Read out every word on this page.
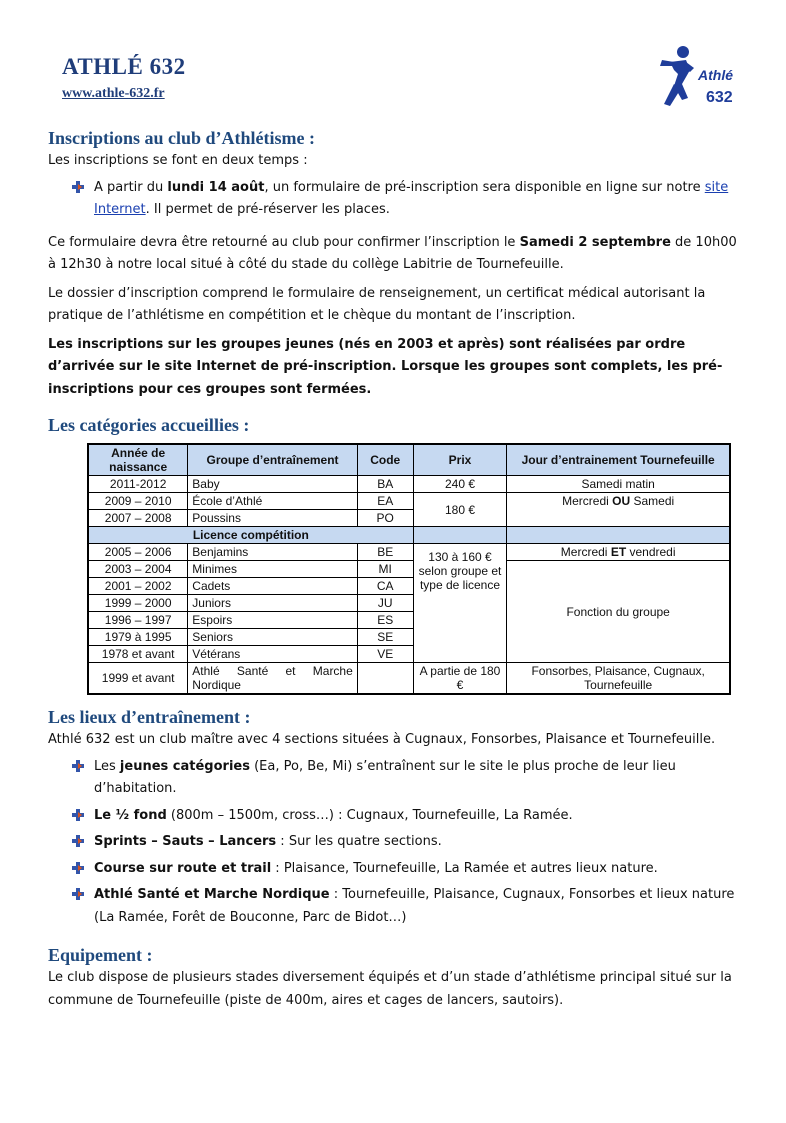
ATHLÉ 632
www.athle-632.fr
Athlé
632
Inscriptions au club d’Athlétisme :

Les inscriptions se font en deux temps :

A partir du lundi 14 août, un formulaire de pré-inscription sera disponible en ligne sur notre site Internet. Il permet de pré-réserver les places.

Ce formulaire devra être retourné au club pour confirmer l’inscription le Samedi 2 septembre de 10h00 à 12h30 à notre local situé à côté du stade du collège Labitrie de Tournefeuille.

Le dossier d’inscription comprend le formulaire de renseignement, un certificat médical autorisant la pratique de l’athlétisme en compétition et le chèque du montant de l’inscription.

Les inscriptions sur les groupes jeunes (nés en 2003 et après) sont réalisées par ordre d’arrivée sur le site Internet de pré-inscription. Lorsque les groupes sont complets, les pré-inscriptions pour ces groupes sont fermées.

Les catégories accueillies :
Année de naissance	Groupe d’entraînement	Code	Prix	Jour d’entrainement Tournefeuille
2011-2012	Baby	BA	240 €	Samedi matin
2009 – 2010	École d’Athlé	EA	180 €	Mercredi OU Samedi
2007 – 2008	Poussins	PO		
Licence compétition				
2005 – 2006	Benjamins	BE	130 à 160 € selon groupe et type de licence	Mercredi ET vendredi
2003 – 2004	Minimes	MI		Fonction du groupe
2001 – 2002	Cadets	CA		
1999 – 2000	Juniors	JU		
1996 – 1997	Espoirs	ES		
1979 à 1995	Seniors	SE		
1978 et avant	Vétérans	VE		
1999 et avant	Athlé Santé et Marche Nordique		A partie de 180 €	Fonsorbes, Plaisance, Cugnaux, Tournefeuille
Les lieux d’entraînement :

Athlé 632 est un club maître avec 4 sections situées à Cugnaux, Fonsorbes, Plaisance et Tournefeuille.

Les jeunes catégories (Ea, Po, Be, Mi) s’entraînent sur le site le plus proche de leur lieu d’habitation.
Le ½ fond (800m – 1500m, cross…) : Cugnaux, Tournefeuille, La Ramée.
Sprints – Sauts – Lancers : Sur les quatre sections.
Course sur route et trail : Plaisance, Tournefeuille, La Ramée et autres lieux nature.
Athlé Santé et Marche Nordique : Tournefeuille, Plaisance, Cugnaux, Fonsorbes et lieux nature (La Ramée, Forêt de Bouconne, Parc de Bidot…)
Equipement :

Le club dispose de plusieurs stades diversement équipés et d’un stade d’athlétisme principal situé sur la commune de Tournefeuille (piste de 400m, aires et cages de lancers, sautoirs).
